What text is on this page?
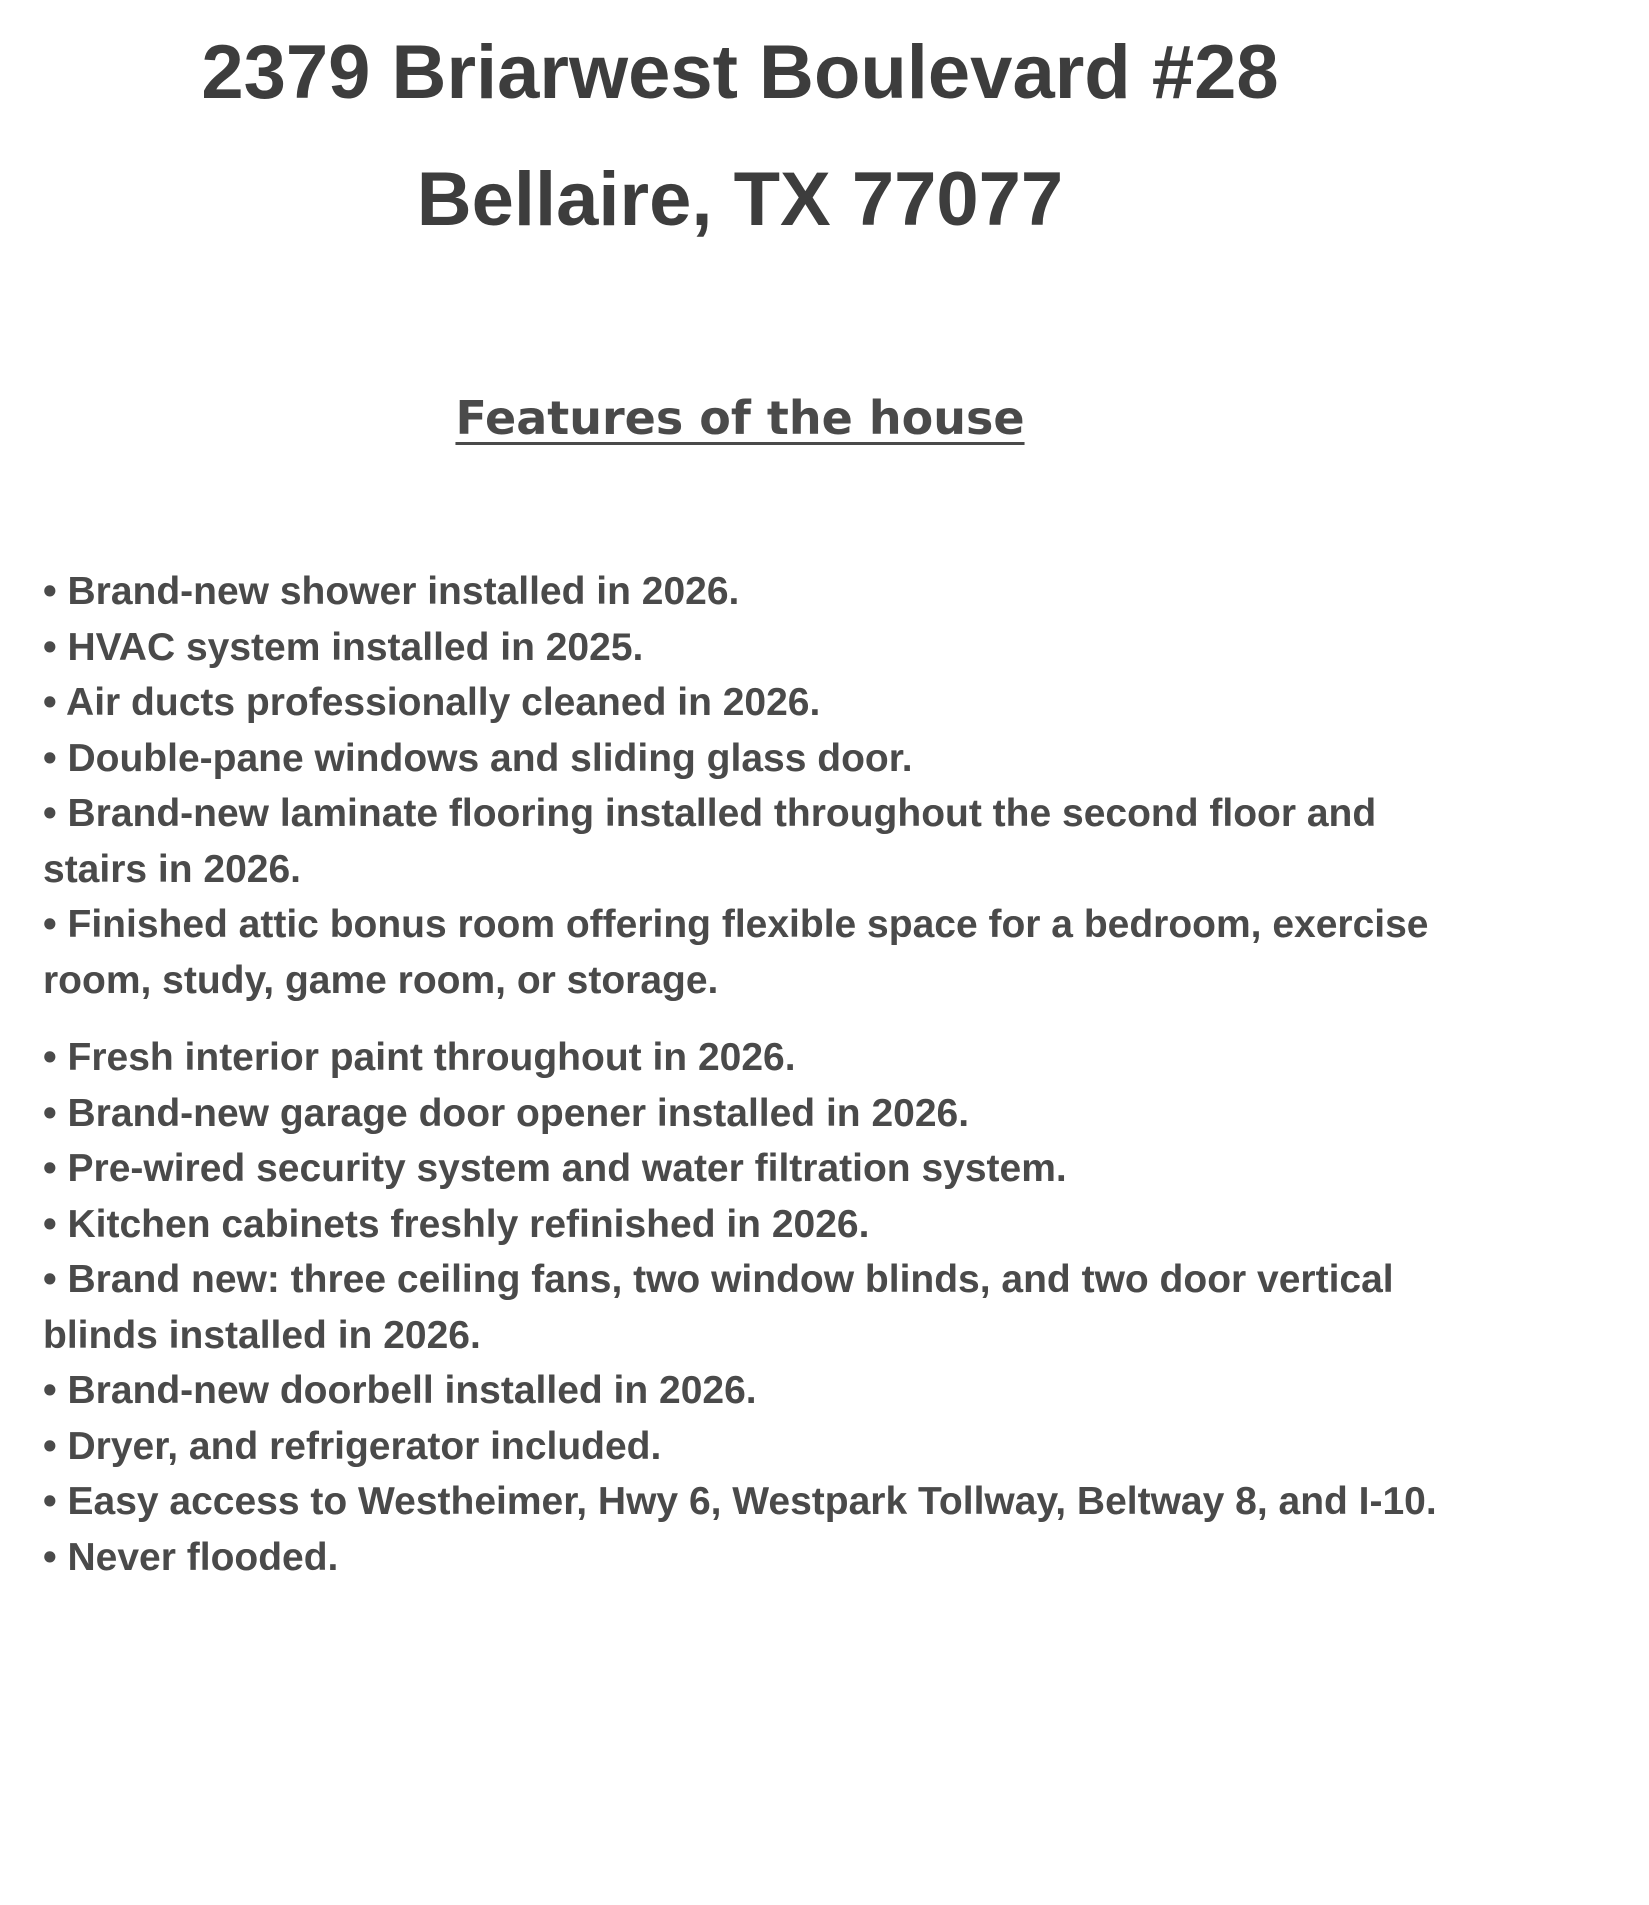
2379 Briarwest Boulevard #28
Bellaire, TX 77077
Features of the house
• Brand-new shower installed in 2026.
• HVAC system installed in 2025.
• Air ducts professionally cleaned in 2026.
• Double-pane windows and sliding glass door.
• Brand-new laminate flooring installed throughout the second floor and stairs in 2026.
• Finished attic bonus room offering flexible space for a bedroom, exercise room, study, game room, or storage.
• Fresh interior paint throughout in 2026.
• Brand-new garage door opener installed in 2026.
• Pre-wired security system and water filtration system.
• Kitchen cabinets freshly refinished in 2026.
• Brand new: three ceiling fans, two window blinds, and two door vertical blinds installed in 2026.
• Brand-new doorbell installed in 2026.
• Dryer, and refrigerator included.
• Easy access to Westheimer, Hwy 6, Westpark Tollway, Beltway 8, and I-10.
• Never flooded.
